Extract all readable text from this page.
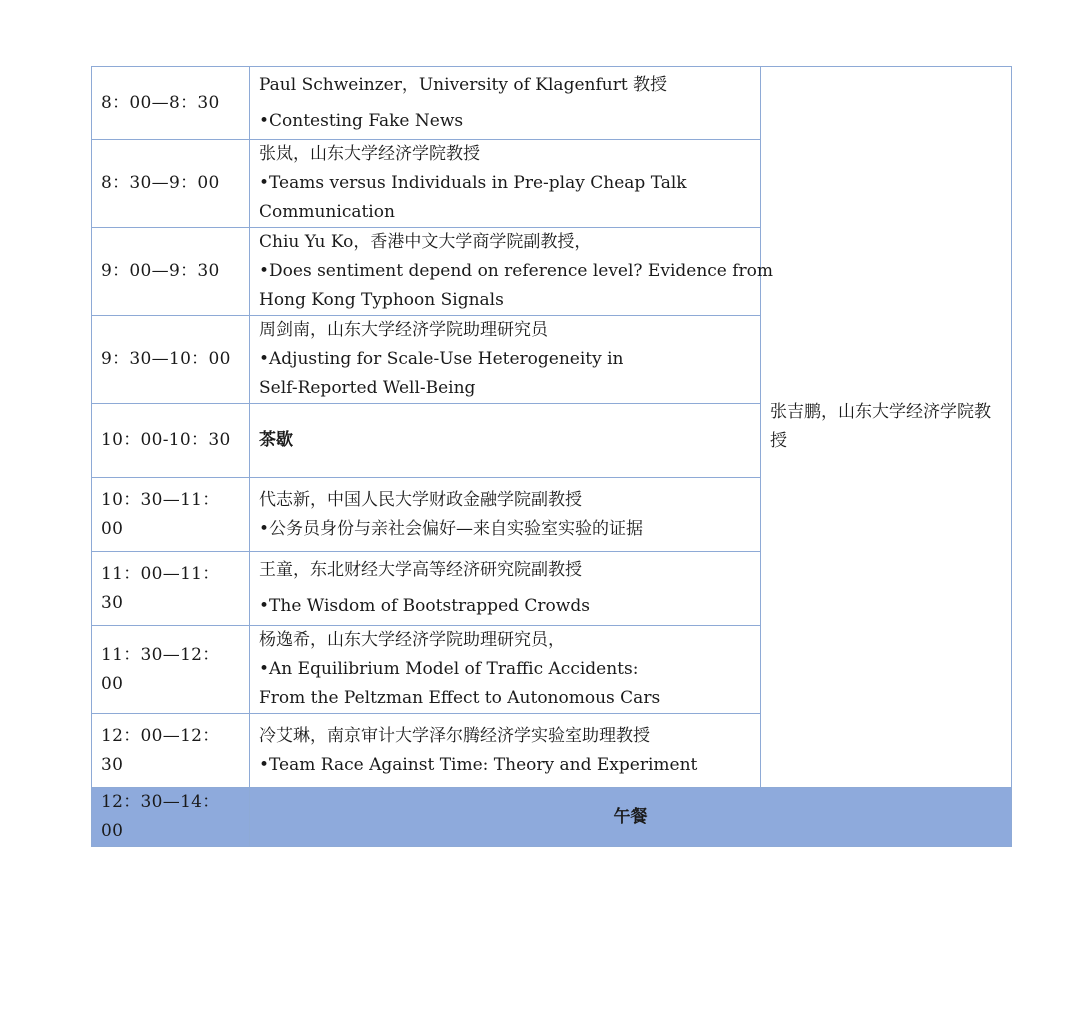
8：00—8：30	Paul Schweinzer，University of Klagenfurt 教授
•Contesting Fake News	张吉鹏，山东大学经济学院教授
8：30—9：00	张岚，山东大学经济学院教授
•Teams versus Individuals in Pre-play Cheap Talk
Communication	

9：00—9：30	Chiu Yu Ko，香港中文大学商学院副教授，
•Does sentiment depend on reference level? Evidence from
Hong Kong Typhoon Signals	

9：30—10：00	周剑南，山东大学经济学院助理研究员
•Adjusting for Scale-Use Heterogeneity in
Self-Reported Well-Being	

10：00-10：30	茶歇	
10：30—11：00	代志新，中国人民大学财政金融学院副教授
•公务员身份与亲社会偏好—来自实验室实验的证据	

11：00—11：30	王童，东北财经大学高等经济研究院副教授
•The Wisdom of Bootstrapped Crowds	

11：30—12：00	杨逸希，山东大学经济学院助理研究员，
•An Equilibrium Model of Traffic Accidents:
From the Peltzman Effect to Autonomous Cars	

12：00—12：30	冷艾琳，南京审计大学泽尔腾经济学实验室助理教授
•Team Race Against Time: Theory and Experiment	

12：30—14：00	午餐	
